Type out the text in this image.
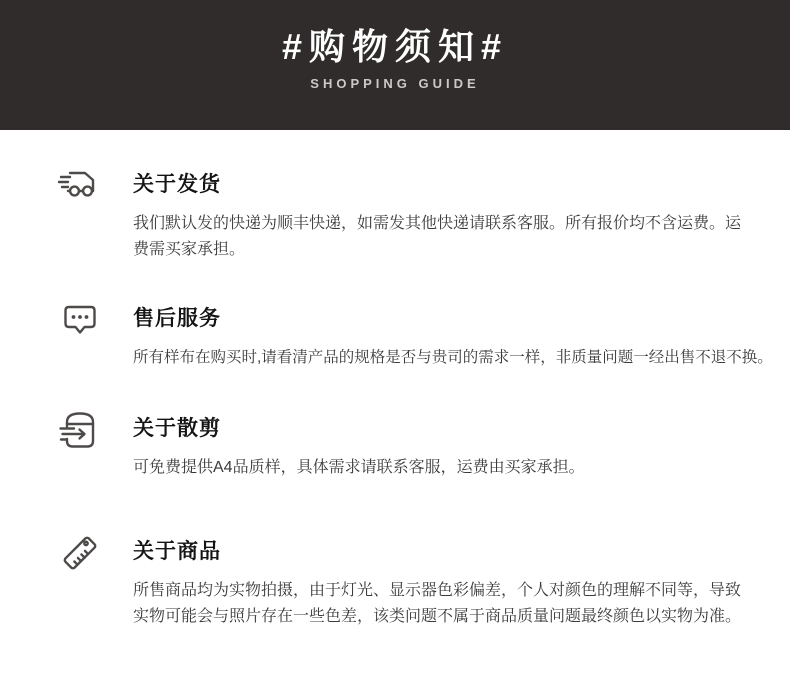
#购物须知#
SHOPPING GUIDE
关于发货
我们默认发的快递为顺丰快递，如需发其他快递请联系客服。所有报价均不含运费。运费需买家承担。
售后服务
所有样布在购买时,请看清产品的规格是否与贵司的需求一样，非质量问题一经出售不退不换。
关于散剪
可免费提供A4品质样，具体需求请联系客服，运费由买家承担。
关于商品
所售商品均为实物拍摄，由于灯光、显示器色彩偏差，个人对颜色的理解不同等，导致实物可能会与照片存在一些色差，该类问题不属于商品质量问题最终颜色以实物为准。
